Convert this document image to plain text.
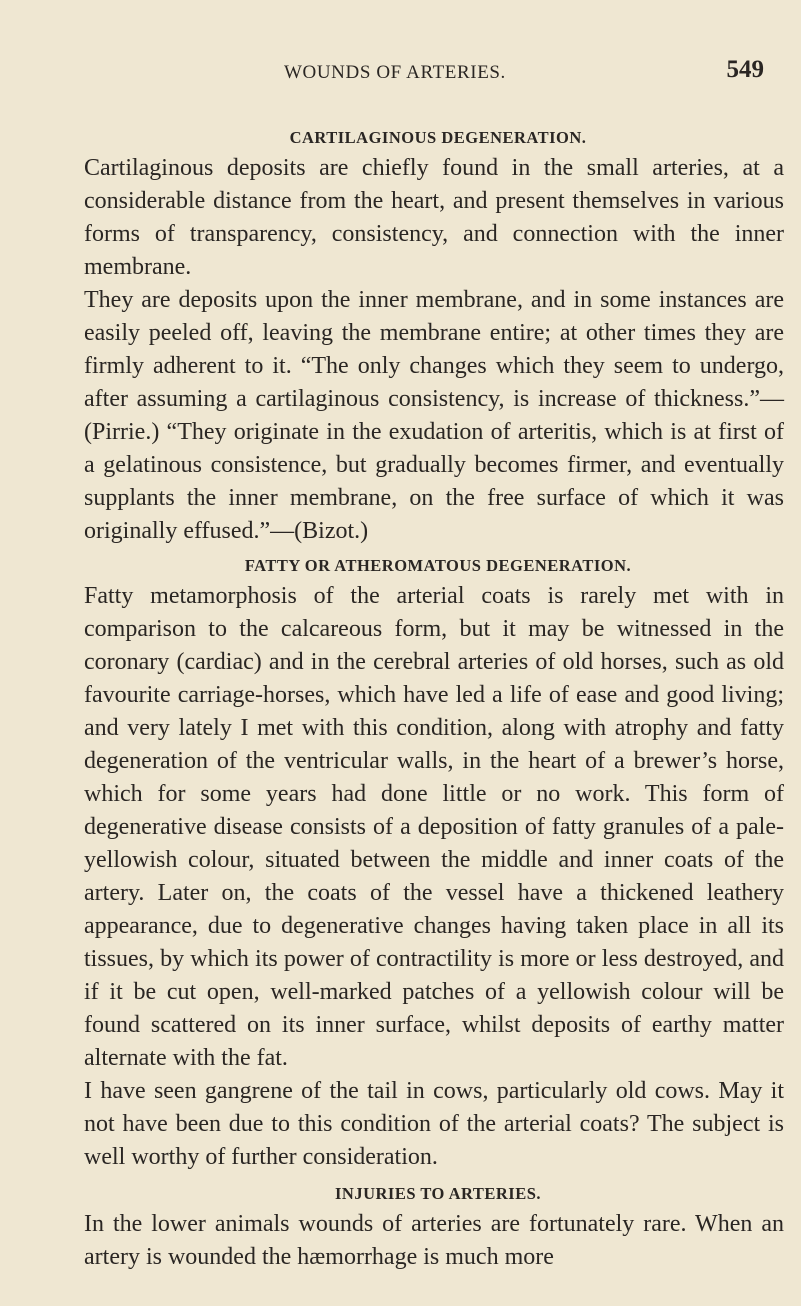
WOUNDS OF ARTERIES.	549
CARTILAGINOUS DEGENERATION.

Cartilaginous deposits are chiefly found in the small arteries, at a considerable distance from the heart, and present themselves in various forms of transparency, consistency, and connection with the inner membrane.

They are deposits upon the inner membrane, and in some instances are easily peeled off, leaving the membrane entire; at other times they are firmly adherent to it. “The only changes which they seem to undergo, after assuming a cartilaginous consistency, is increase of thickness.”—(Pirrie.) “They originate in the exudation of arteritis, which is at first of a gelatinous consistence, but gradually becomes firmer, and eventually supplants the inner membrane, on the free surface of which it was originally effused.”—(Bizot.)

FATTY OR ATHEROMATOUS DEGENERATION.

Fatty metamorphosis of the arterial coats is rarely met with in comparison to the calcareous form, but it may be witnessed in the coronary (cardiac) and in the cerebral arteries of old horses, such as old favourite carriage-horses, which have led a life of ease and good living; and very lately I met with this condition, along with atrophy and fatty degeneration of the ventricular walls, in the heart of a brewer’s horse, which for some years had done little or no work. This form of degenerative disease consists of a deposition of fatty granules of a pale-yellowish colour, situated between the middle and inner coats of the artery. Later on, the coats of the vessel have a thickened leathery appearance, due to degenerative changes having taken place in all its tissues, by which its power of contractility is more or less destroyed, and if it be cut open, well-marked patches of a yellowish colour will be found scattered on its inner surface, whilst deposits of earthy matter alternate with the fat.

I have seen gangrene of the tail in cows, particularly old cows. May it not have been due to this condition of the arterial coats? The subject is well worthy of further consideration.

INJURIES TO ARTERIES.

In the lower animals wounds of arteries are fortunately rare. When an artery is wounded the hæmorrhage is much more
